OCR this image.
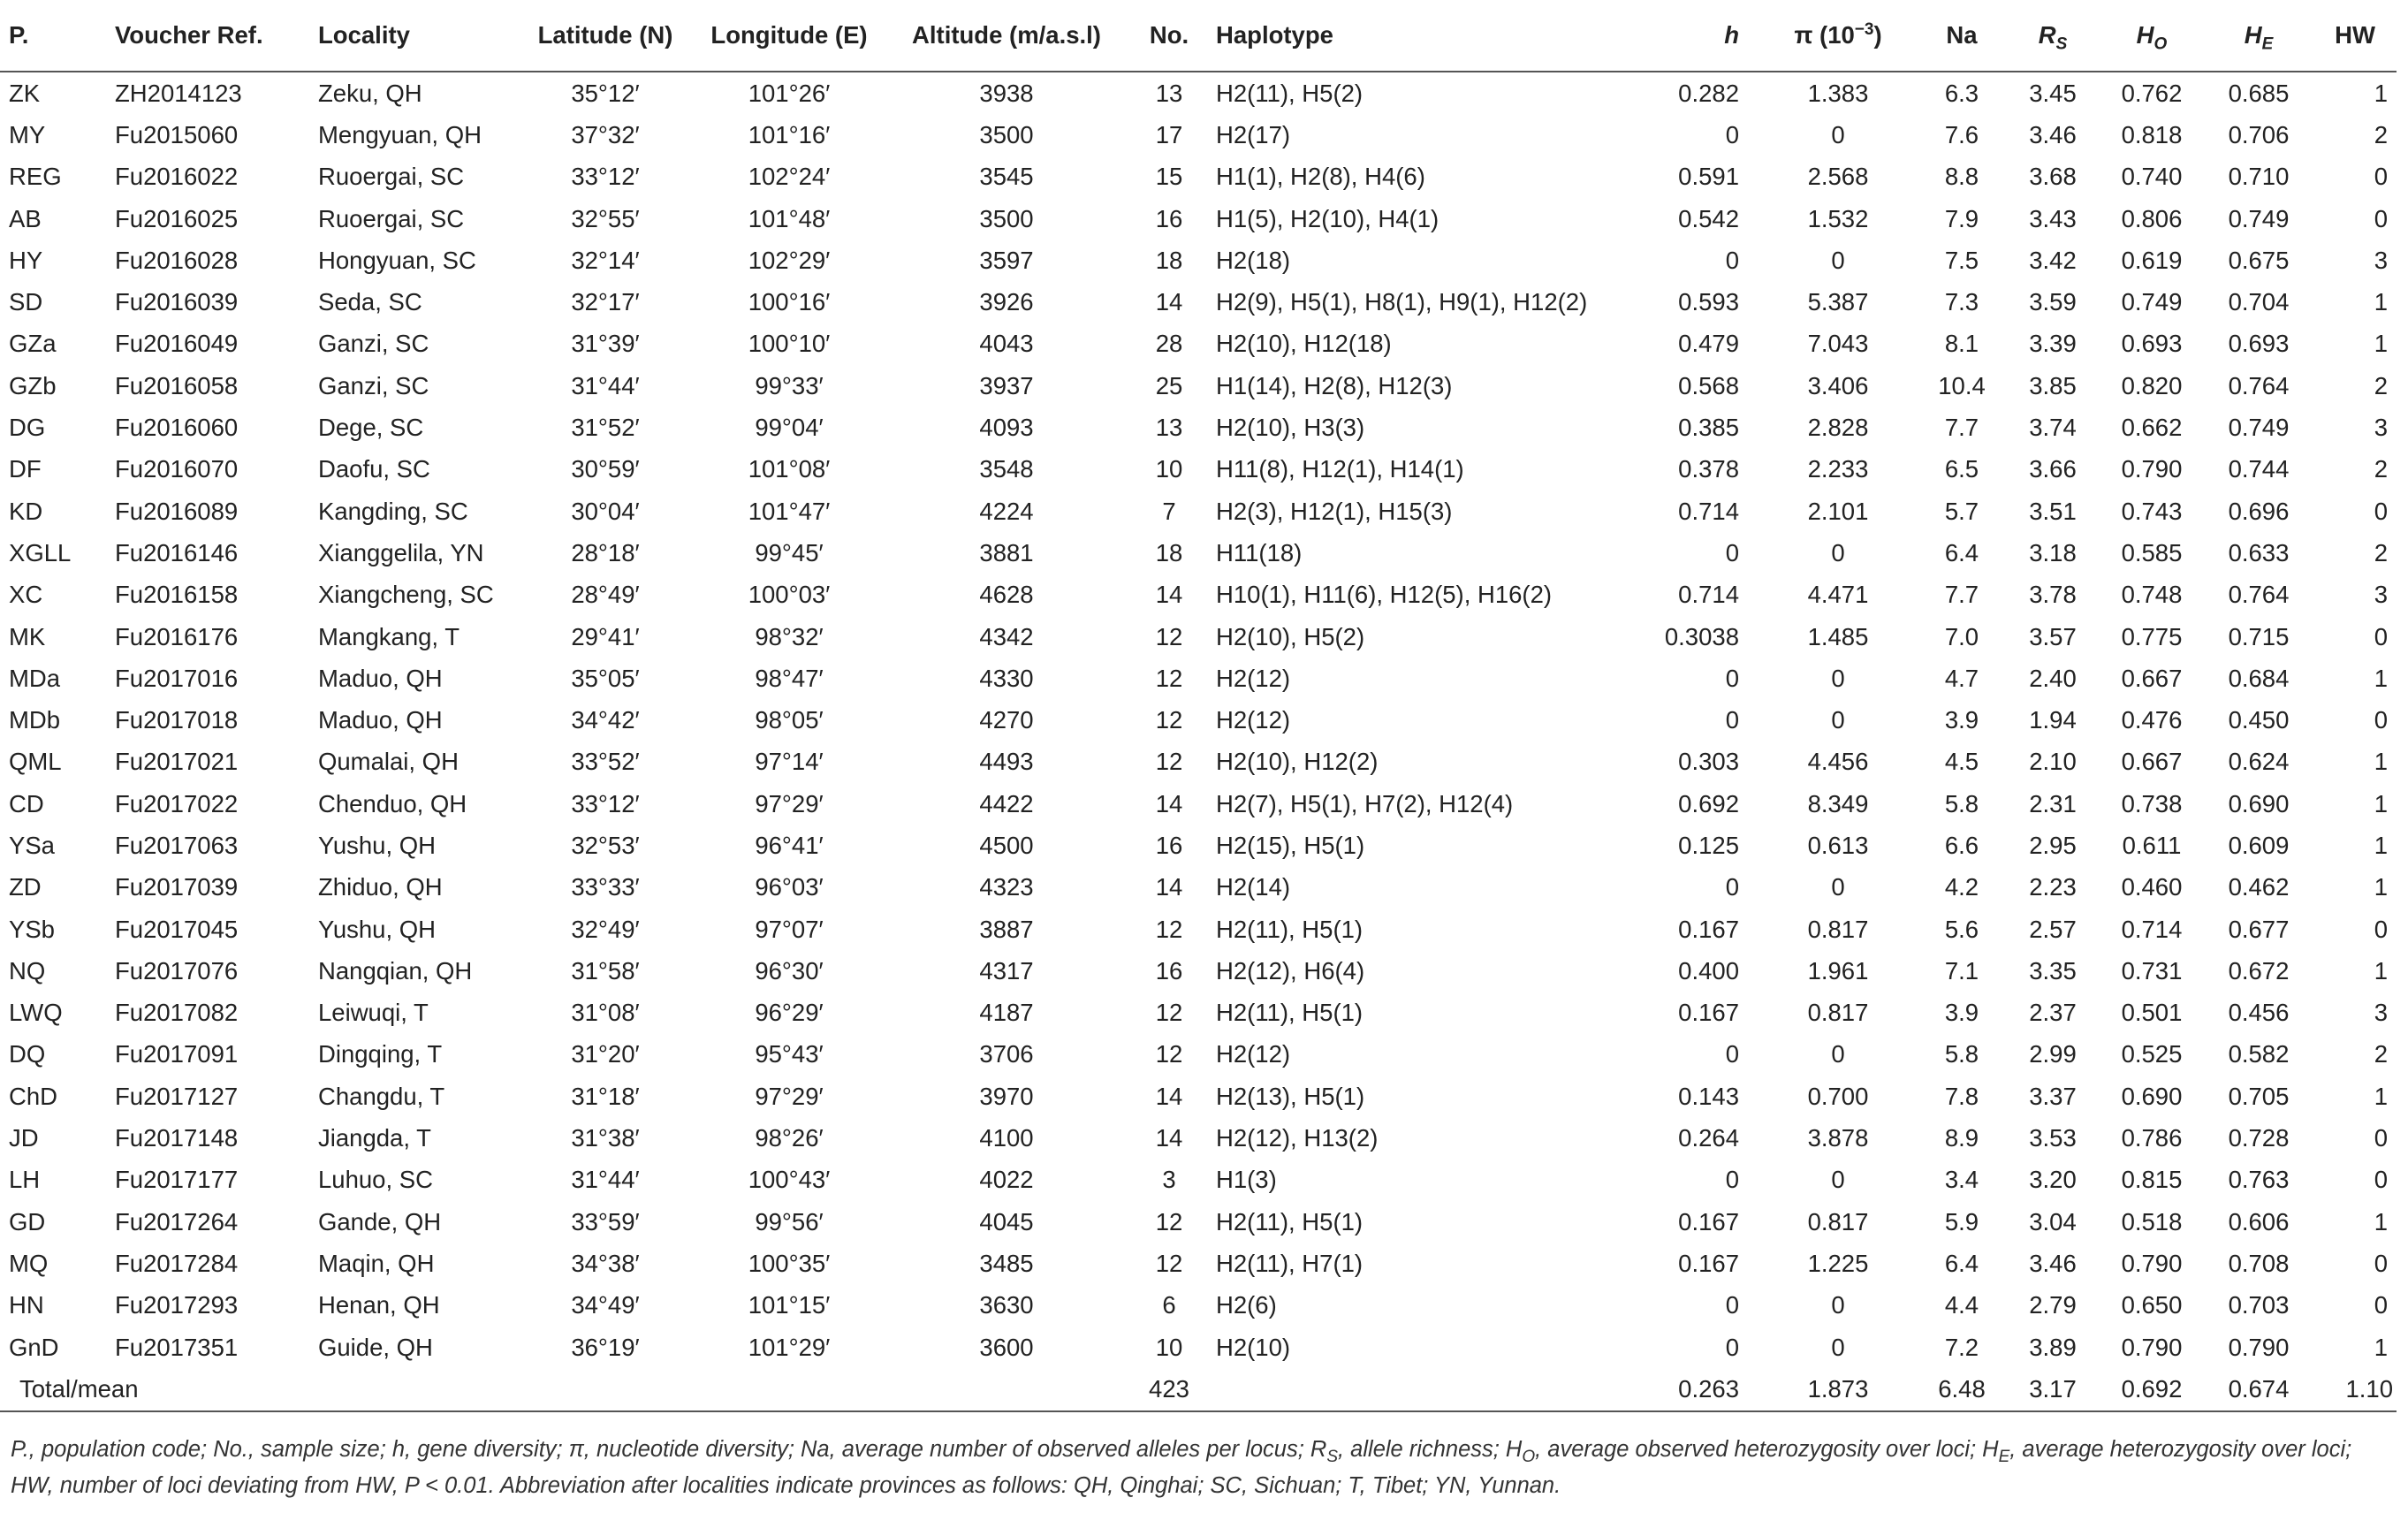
P.	Voucher Ref.	Locality	Latitude (N)	Longitude (E)	Altitude (m/a.s.l)	No.	Haplotype	h	π $(10^{-3})$	Na	$R_S$	$H_O$	$H_E$	HW
ZK	ZH2014123	Zeku, QH	35°12′	101°26′	3938	13	H2(11), H5(2)	0.282	1.383	6.3	3.45	0.762	0.685	1
MY	Fu2015060	Mengyuan, QH	37°32′	101°16′	3500	17	H2(17)	0	0	7.6	3.46	0.818	0.706	2
REG	Fu2016022	Ruoergai, SC	33°12′	102°24′	3545	15	H1(1), H2(8), H4(6)	0.591	2.568	8.8	3.68	0.740	0.710	0
AB	Fu2016025	Ruoergai, SC	32°55′	101°48′	3500	16	H1(5), H2(10), H4(1)	0.542	1.532	7.9	3.43	0.806	0.749	0
HY	Fu2016028	Hongyuan, SC	32°14′	102°29′	3597	18	H2(18)	0	0	7.5	3.42	0.619	0.675	3
SD	Fu2016039	Seda, SC	32°17′	100°16′	3926	14	H2(9), H5(1), H8(1), H9(1), H12(2)	0.593	5.387	7.3	3.59	0.749	0.704	1
GZa	Fu2016049	Ganzi, SC	31°39′	100°10′	4043	28	H2(10), H12(18)	0.479	7.043	8.1	3.39	0.693	0.693	1
GZb	Fu2016058	Ganzi, SC	31°44′	99°33′	3937	25	H1(14), H2(8), H12(3)	0.568	3.406	10.4	3.85	0.820	0.764	2
DG	Fu2016060	Dege, SC	31°52′	99°04′	4093	13	H2(10), H3(3)	0.385	2.828	7.7	3.74	0.662	0.749	3
DF	Fu2016070	Daofu, SC	30°59′	101°08′	3548	10	H11(8), H12(1), H14(1)	0.378	2.233	6.5	3.66	0.790	0.744	2
KD	Fu2016089	Kangding, SC	30°04′	101°47′	4224	7	H2(3), H12(1), H15(3)	0.714	2.101	5.7	3.51	0.743	0.696	0
XGLL	Fu2016146	Xianggelila, YN	28°18′	99°45′	3881	18	H11(18)	0	0	6.4	3.18	0.585	0.633	2
XC	Fu2016158	Xiangcheng, SC	28°49′	100°03′	4628	14	H10(1), H11(6), H12(5), H16(2)	0.714	4.471	7.7	3.78	0.748	0.764	3
MK	Fu2016176	Mangkang, T	29°41′	98°32′	4342	12	H2(10), H5(2)	0.3038	1.485	7.0	3.57	0.775	0.715	0
MDa	Fu2017016	Maduo, QH	35°05′	98°47′	4330	12	H2(12)	0	0	4.7	2.40	0.667	0.684	1
MDb	Fu2017018	Maduo, QH	34°42′	98°05′	4270	12	H2(12)	0	0	3.9	1.94	0.476	0.450	0
QML	Fu2017021	Qumalai, QH	33°52′	97°14′	4493	12	H2(10), H12(2)	0.303	4.456	4.5	2.10	0.667	0.624	1
CD	Fu2017022	Chenduo, QH	33°12′	97°29′	4422	14	H2(7), H5(1), H7(2), H12(4)	0.692	8.349	5.8	2.31	0.738	0.690	1
YSa	Fu2017063	Yushu, QH	32°53′	96°41′	4500	16	H2(15), H5(1)	0.125	0.613	6.6	2.95	0.611	0.609	1
ZD	Fu2017039	Zhiduo, QH	33°33′	96°03′	4323	14	H2(14)	0	0	4.2	2.23	0.460	0.462	1
YSb	Fu2017045	Yushu, QH	32°49′	97°07′	3887	12	H2(11), H5(1)	0.167	0.817	5.6	2.57	0.714	0.677	0
NQ	Fu2017076	Nangqian, QH	31°58′	96°30′	4317	16	H2(12), H6(4)	0.400	1.961	7.1	3.35	0.731	0.672	1
LWQ	Fu2017082	Leiwuqi, T	31°08′	96°29′	4187	12	H2(11), H5(1)	0.167	0.817	3.9	2.37	0.501	0.456	3
DQ	Fu2017091	Dingqing, T	31°20′	95°43′	3706	12	H2(12)	0	0	5.8	2.99	0.525	0.582	2
ChD	Fu2017127	Changdu, T	31°18′	97°29′	3970	14	H2(13), H5(1)	0.143	0.700	7.8	3.37	0.690	0.705	1
JD	Fu2017148	Jiangda, T	31°38′	98°26′	4100	14	H2(12), H13(2)	0.264	3.878	8.9	3.53	0.786	0.728	0
LH	Fu2017177	Luhuo, SC	31°44′	100°43′	4022	3	H1(3)	0	0	3.4	3.20	0.815	0.763	0
GD	Fu2017264	Gande, QH	33°59′	99°56′	4045	12	H2(11), H5(1)	0.167	0.817	5.9	3.04	0.518	0.606	1
MQ	Fu2017284	Maqin, QH	34°38′	100°35′	3485	12	H2(11), H7(1)	0.167	1.225	6.4	3.46	0.790	0.708	0
HN	Fu2017293	Henan, QH	34°49′	101°15′	3630	6	H2(6)	0	0	4.4	2.79	0.650	0.703	0
GnD	Fu2017351	Guide, QH	36°19′	101°29′	3600	10	H2(10)	0	0	7.2	3.89	0.790	0.790	1
Total/mean						423		0.263	1.873	6.48	3.17	0.692	0.674	1.10
P., population code; No., sample size; h, gene diversity; π, nucleotide diversity; Na, average number of observed alleles per locus; $R_S$, allele richness; $H_O$, average observed heterozygosity over loci; $H_E$, average heterozygosity over loci; HW, number of loci deviating from HW, P < 0.01. Abbreviation after localities indicate provinces as follows: QH, Qinghai; SC, Sichuan; T, Tibet; YN, Yunnan.
